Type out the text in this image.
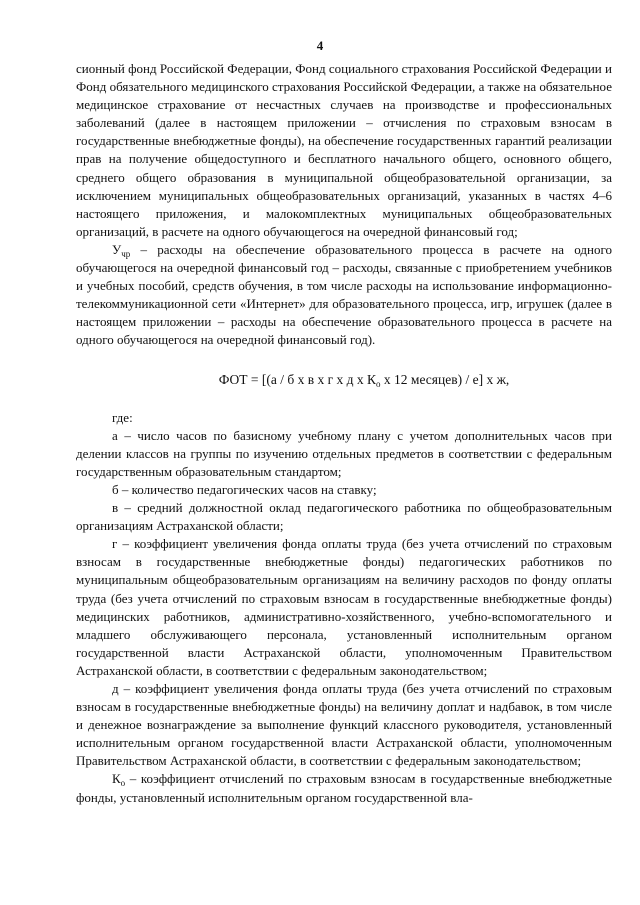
4

сионный фонд Российской Федерации, Фонд социального страхования Российской Федерации и Фонд обязательного медицинского страхования Российской Федерации, а также на обязательное медицинское страхование от несчастных случаев на производстве и профессиональных заболеваний (далее в настоящем приложении – отчисления по страховым взносам в государственные внебюджетные фонды), на обеспечение государственных гарантий реализации прав на получение общедоступного и бесплатного начального общего, основного общего, среднего общего образования в муниципальной общеобразовательной организации, за исключением муниципальных общеобразовательных организаций, указанных в частях 4–6 настоящего приложения, и малокомплектных муниципальных общеобразовательных организаций, в расчете на одного обучающегося на очередной финансовый год;

$У_{чр}$ – расходы на обеспечение образовательного процесса в расчете на одного обучающегося на очередной финансовый год – расходы, связанные с приобретением учебников и учебных пособий, средств обучения, в том числе расходы на использование информационно-телекоммуникационной сети «Интернет» для образовательного процесса, игр, игрушек (далее в настоящем приложении – расходы на обеспечение образовательного процесса в расчете на одного обучающегося на очередной финансовый год).

ФОТ = [(а / б х в х г х д х $К_о$ х 12 месяцев) / е] х ж,

где:

а – число часов по базисному учебному плану с учетом дополнительных часов при делении классов на группы по изучению отдельных предметов в соответствии с федеральным государственным образовательным стандартом;

б – количество педагогических часов на ставку;

в – средний должностной оклад педагогического работника по общеобразовательным организациям Астраханской области;

г – коэффициент увеличения фонда оплаты труда (без учета отчислений по страховым взносам в государственные внебюджетные фонды) педагогических работников по муниципальным общеобразовательным организациям на величину расходов по фонду оплаты труда (без учета отчислений по страховым взносам в государственные внебюджетные фонды) медицинских работников, административно-хозяйственного, учебно-вспомогательного и младшего обслуживающего персонала, установленный исполнительным органом государственной власти Астраханской области, уполномоченным Правительством Астраханской области, в соответствии с федеральным законодательством;

д – коэффициент увеличения фонда оплаты труда (без учета отчислений по страховым взносам в государственные внебюджетные фонды) на величину доплат и надбавок, в том числе и денежное вознаграждение за выполнение функций классного руководителя, установленный исполнительным органом государственной власти Астраханской области, уполномоченным Правительством Астраханской области, в соответствии с федеральным законодательством;

$К_о$ – коэффициент отчислений по страховым взносам в государственные внебюджетные фонды, установленный исполнительным органом государственной вла-
